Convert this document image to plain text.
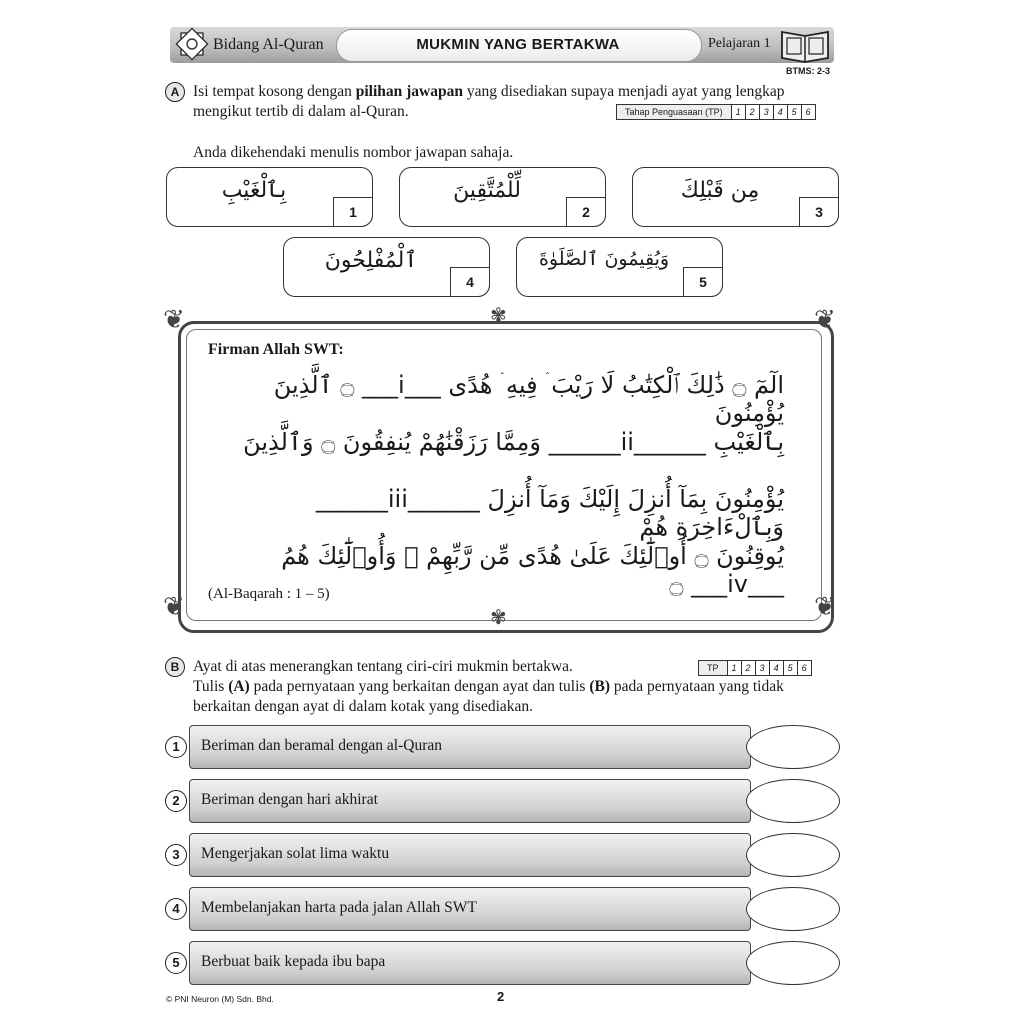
Bidang Al-Quran	MUKMIN YANG BERTAKWA	Pelajaran 1
BTMS: 2-3
A Isi tempat kosong dengan pilihan jawapan yang disediakan supaya menjadi ayat yang lengkap
mengikut tertib di dalam al-Quran.	Tahap Penguasaan (TP)	1	2	3	4	5	6
Anda dikehendaki menulis nombor jawapan sahaja.
بِٱلْغَيْبِ
1
لِّلْمُتَّقِينَ
2
مِن قَبْلِكَ
3
ٱلْمُفْلِحُونَ
4
وَيُقِيمُونَ ٱلصَّلَوٰةَ
5
❦	❦
❦	❦
✾
✾
Firman Allah SWT:
الٓمٓ ۝ ذَٰلِكَ ٱلْكِتَٰبُ لَا رَيْبَ ۛ فِيهِ ۛ هُدًى ___i___ ۝ ٱلَّذِينَ يُؤْمِنُونَ
بِٱلْغَيْبِ ______ii______ وَمِمَّا رَزَقْنَٰهُمْ يُنفِقُونَ ۝ وَٱلَّذِينَ
يُؤْمِنُونَ بِمَآ أُنزِلَ إِلَيْكَ وَمَآ أُنزِلَ ______iii______ وَبِٱلْءَاخِرَةِ هُمْ
يُوقِنُونَ ۝ أُو۟لَٰٓئِكَ عَلَىٰ هُدًى مِّن رَّبِّهِمْ ۖ وَأُو۟لَٰٓئِكَ هُمُ ___iv___ ۝
(Al-Baqarah : 1 – 5)
B Ayat di atas menerangkan tentang ciri-ciri mukmin bertakwa.	TP	1	2	3	4	5	6
Tulis (A) pada pernyataan yang berkaitan dengan ayat dan tulis (B) pada pernyataan yang tidak
berkaitan dengan ayat di dalam kotak yang disediakan.
1	Beriman dan beramal dengan al-Quran
2	Beriman dengan hari akhirat
3	Mengerjakan solat lima waktu
4	Membelanjakan harta pada jalan Allah SWT
5	Berbuat baik kepada ibu bapa
© PNI Neuron (M) Sdn. Bhd.	2
